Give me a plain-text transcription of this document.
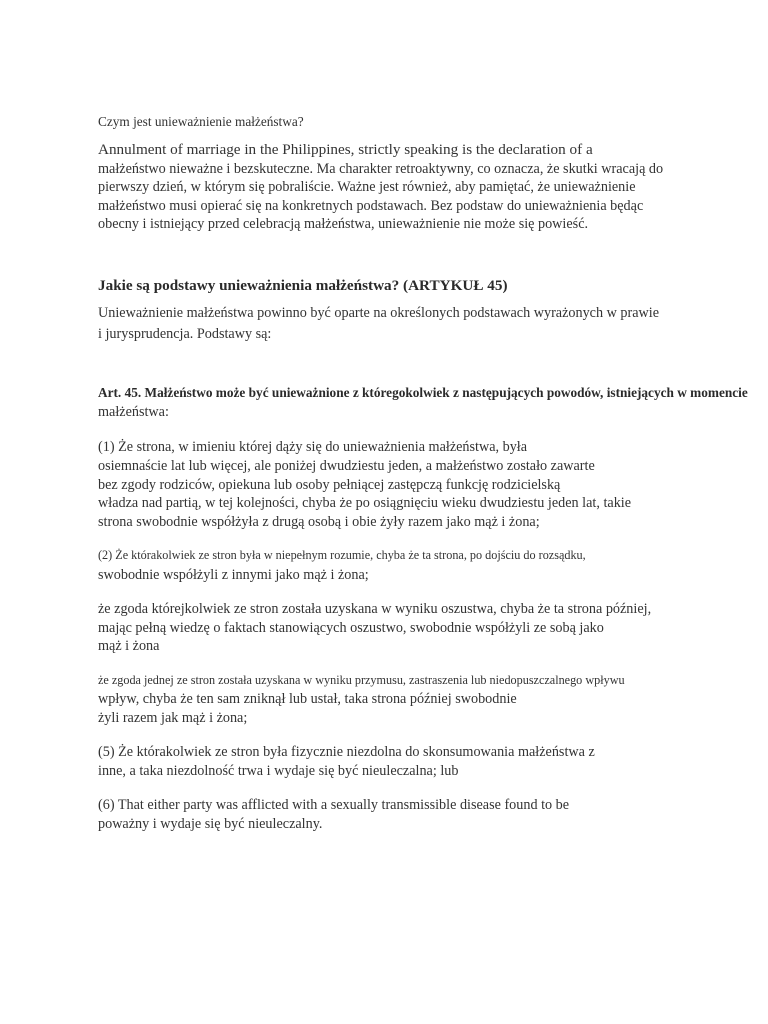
Czym jest unieważnienie małżeństwa?

Annulment of marriage in the Philippines, strictly speaking is the declaration of a

małżeństwo nieważne i bezskuteczne. Ma charakter retroaktywny, co oznacza, że skutki wracają do

pierwszy dzień, w którym się pobraliście. Ważne jest również, aby pamiętać, że unieważnienie

małżeństwo musi opierać się na konkretnych podstawach. Bez podstaw do unieważnienia będąc

obecny i istniejący przed celebracją małżeństwa, unieważnienie nie może się powieść.

Jakie są podstawy unieważnienia małżeństwa? (ARTYKUŁ 45)

Unieważnienie małżeństwa powinno być oparte na określonych podstawach wyrażonych w prawie

i jurysprudencja. Podstawy są:

Art. 45. Małżeństwo może być unieważnione z któregokolwiek z następujących powodów, istniejących w momencie

małżeństwa:

(1) Że strona, w imieniu której dąży się do unieważnienia małżeństwa, była

osiemnaście lat lub więcej, ale poniżej dwudziestu jeden, a małżeństwo zostało zawarte

bez zgody rodziców, opiekuna lub osoby pełniącej zastępczą funkcję rodzicielską

władza nad partią, w tej kolejności, chyba że po osiągnięciu wieku dwudziestu jeden lat, takie

strona swobodnie współżyła z drugą osobą i obie żyły razem jako mąż i żona;

(2) Że którakolwiek ze stron była w niepełnym rozumie, chyba że ta strona, po dojściu do rozsądku,

swobodnie współżyli z innymi jako mąż i żona;

że zgoda którejkolwiek ze stron została uzyskana w wyniku oszustwa, chyba że ta strona później,

mając pełną wiedzę o faktach stanowiących oszustwo, swobodnie współżyli ze sobą jako

mąż i żona

że zgoda jednej ze stron została uzyskana w wyniku przymusu, zastraszenia lub niedopuszczalnego wpływu

wpływ, chyba że ten sam zniknął lub ustał, taka strona później swobodnie

żyli razem jak mąż i żona;

(5) Że którakolwiek ze stron była fizycznie niezdolna do skonsumowania małżeństwa z

inne, a taka niezdolność trwa i wydaje się być nieuleczalna; lub

(6) That either party was afflicted with a sexually transmissible disease found to be

poważny i wydaje się być nieuleczalny.
